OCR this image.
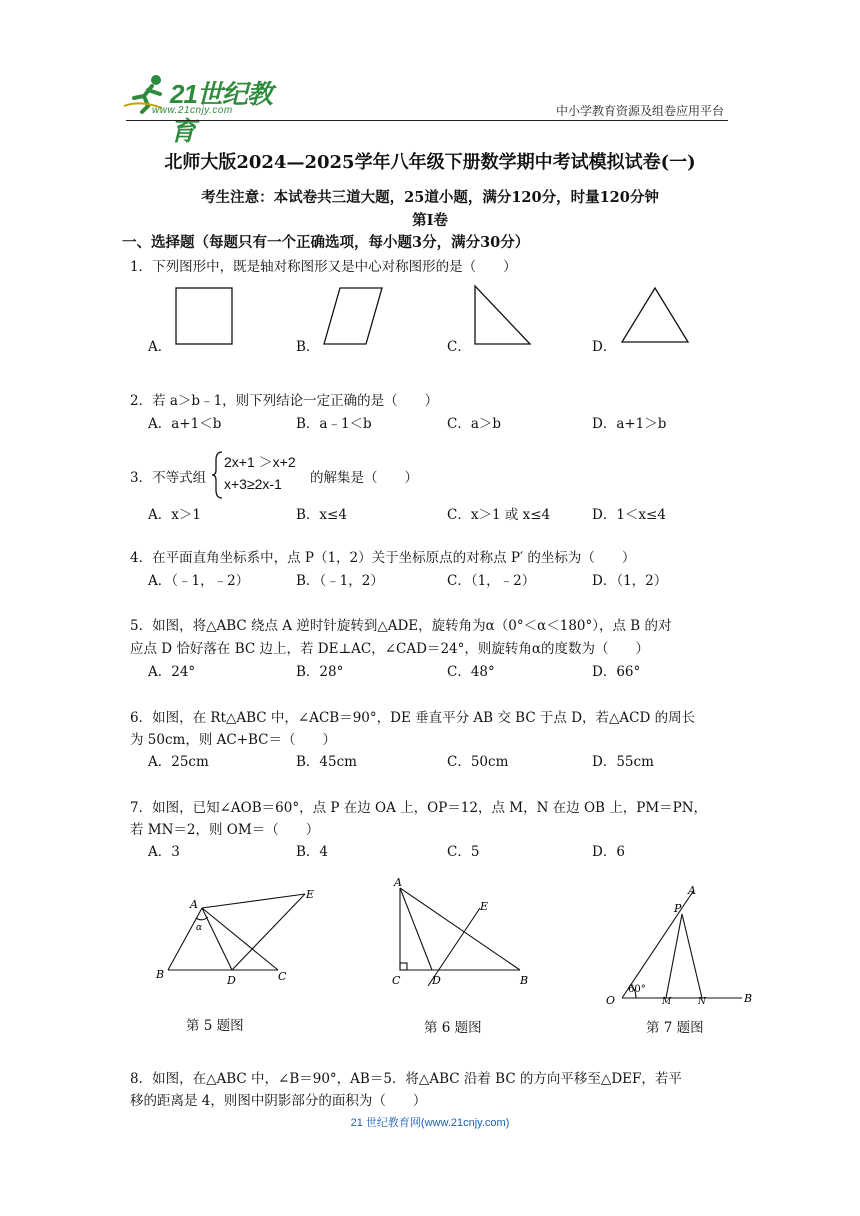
21世纪教育
www.21cnjy.com	中小学教育资源及组卷应用平台
北师大版2024—2025学年八年级下册数学期中考试模拟试卷(一)
考生注意：本试卷共三道大题，25道小题，满分120分，时量120分钟
第Ⅰ卷
一、选择题（每题只有一个正确选项，每小题3分，满分30分）
1．下列图形中，既是轴对称图形又是中心对称图形的是（　　）
A．	B．	C．	D．
2．若 a＞b﹣1，则下列结论一定正确的是（　　）
A．a+1＜b	B．a﹣1＜b	C．a＞b	D．a+1＞b
3．不等式组
2x+1 ＞x+2
x+3≥2x-1 的解集是（　　）
A．x＞1	B．x≤4	C．x＞1 或 x≤4	D．1＜x≤4
4．在平面直角坐标系中，点 P（1，2）关于坐标原点的对称点 P′ 的坐标为（　　）
A．（﹣1，﹣2）	B．（﹣1，2）	C．（1，﹣2）	D．（1，2）
5．如图，将△ABC 绕点 A 逆时针旋转到△ADE，旋转角为α（0°＜α＜180°），点 B 的对
应点 D 恰好落在 BC 边上，若 DE⊥AC，∠CAD＝24°，则旋转角α的度数为（　　）
A．24°	B．28°	C．48°	D．66°
6．如图，在 Rt△ABC 中，∠ACB＝90°，DE 垂直平分 AB 交 BC 于点 D，若△ACD 的周长
为 50cm，则 AC+BC＝（　　）
A．25cm	B．45cm	C．50cm	D．55cm
7．如图，已知∠AOB＝60°，点 P 在边 OA 上，OP＝12，点 M，N 在边 OB 上，PM＝PN，
若 MN＝2，则 OM＝（　　）
A．3	B．4	C．5	D．6
A
E
α
B	D	C
第 5 题图
A
E
C	D	B
第 6 题图
A
P
O
60°
M	N	B
第 7 题图
8．如图，在△ABC 中，∠B＝90°，AB＝5．将△ABC 沿着 BC 的方向平移至△DEF，若平
移的距离是 4，则图中阴影部分的面积为（　　）
21 世纪教育网(www.21cnjy.com)
